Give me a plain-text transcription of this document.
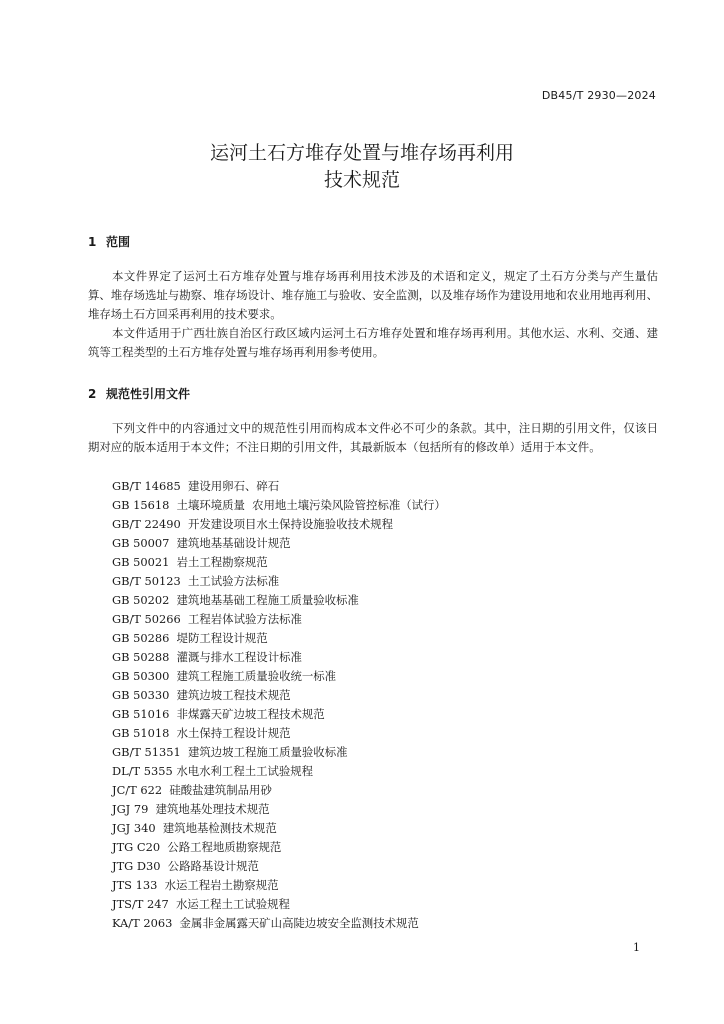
DB45/T 2930—2024
运河土石方堆存处置与堆存场再利用
技术规范
1 范围

本文件界定了运河土石方堆存处置与堆存场再利用技术涉及的术语和定义，规定了土石方分类与产生量估算、堆存场选址与勘察、堆存场设计、堆存施工与验收、安全监测，以及堆存场作为建设用地和农业用地再利用、堆存场土石方回采再利用的技术要求。

本文件适用于广西壮族自治区行政区域内运河土石方堆存处置和堆存场再利用。其他水运、水利、交通、建筑等工程类型的土石方堆存处置与堆存场再利用参考使用。

2 规范性引用文件

下列文件中的内容通过文中的规范性引用而构成本文件必不可少的条款。其中，注日期的引用文件，仅该日期对应的版本适用于本文件；不注日期的引用文件，其最新版本（包括所有的修改单）适用于本文件。

GB/T 14685  建设用卵石、碎石
GB 15618  土壤环境质量  农用地土壤污染风险管控标准（试行）
GB/T 22490  开发建设项目水土保持设施验收技术规程
GB 50007  建筑地基基础设计规范
GB 50021  岩土工程勘察规范
GB/T 50123  土工试验方法标准
GB 50202  建筑地基基础工程施工质量验收标准
GB/T 50266  工程岩体试验方法标准
GB 50286  堤防工程设计规范
GB 50288  灌溉与排水工程设计标准
GB 50300  建筑工程施工质量验收统一标准
GB 50330  建筑边坡工程技术规范
GB 51016  非煤露天矿边坡工程技术规范
GB 51018  水土保持工程设计规范
GB/T 51351  建筑边坡工程施工质量验收标准
DL/T 5355 水电水利工程土工试验规程
JC/T 622  硅酸盐建筑制品用砂
JGJ 79  建筑地基处理技术规范
JGJ 340  建筑地基检测技术规范
JTG C20  公路工程地质勘察规范
JTG D30  公路路基设计规范
JTS 133  水运工程岩土勘察规范
JTS/T 247  水运工程土工试验规程
KA/T 2063  金属非金属露天矿山高陡边坡安全监测技术规范
1
